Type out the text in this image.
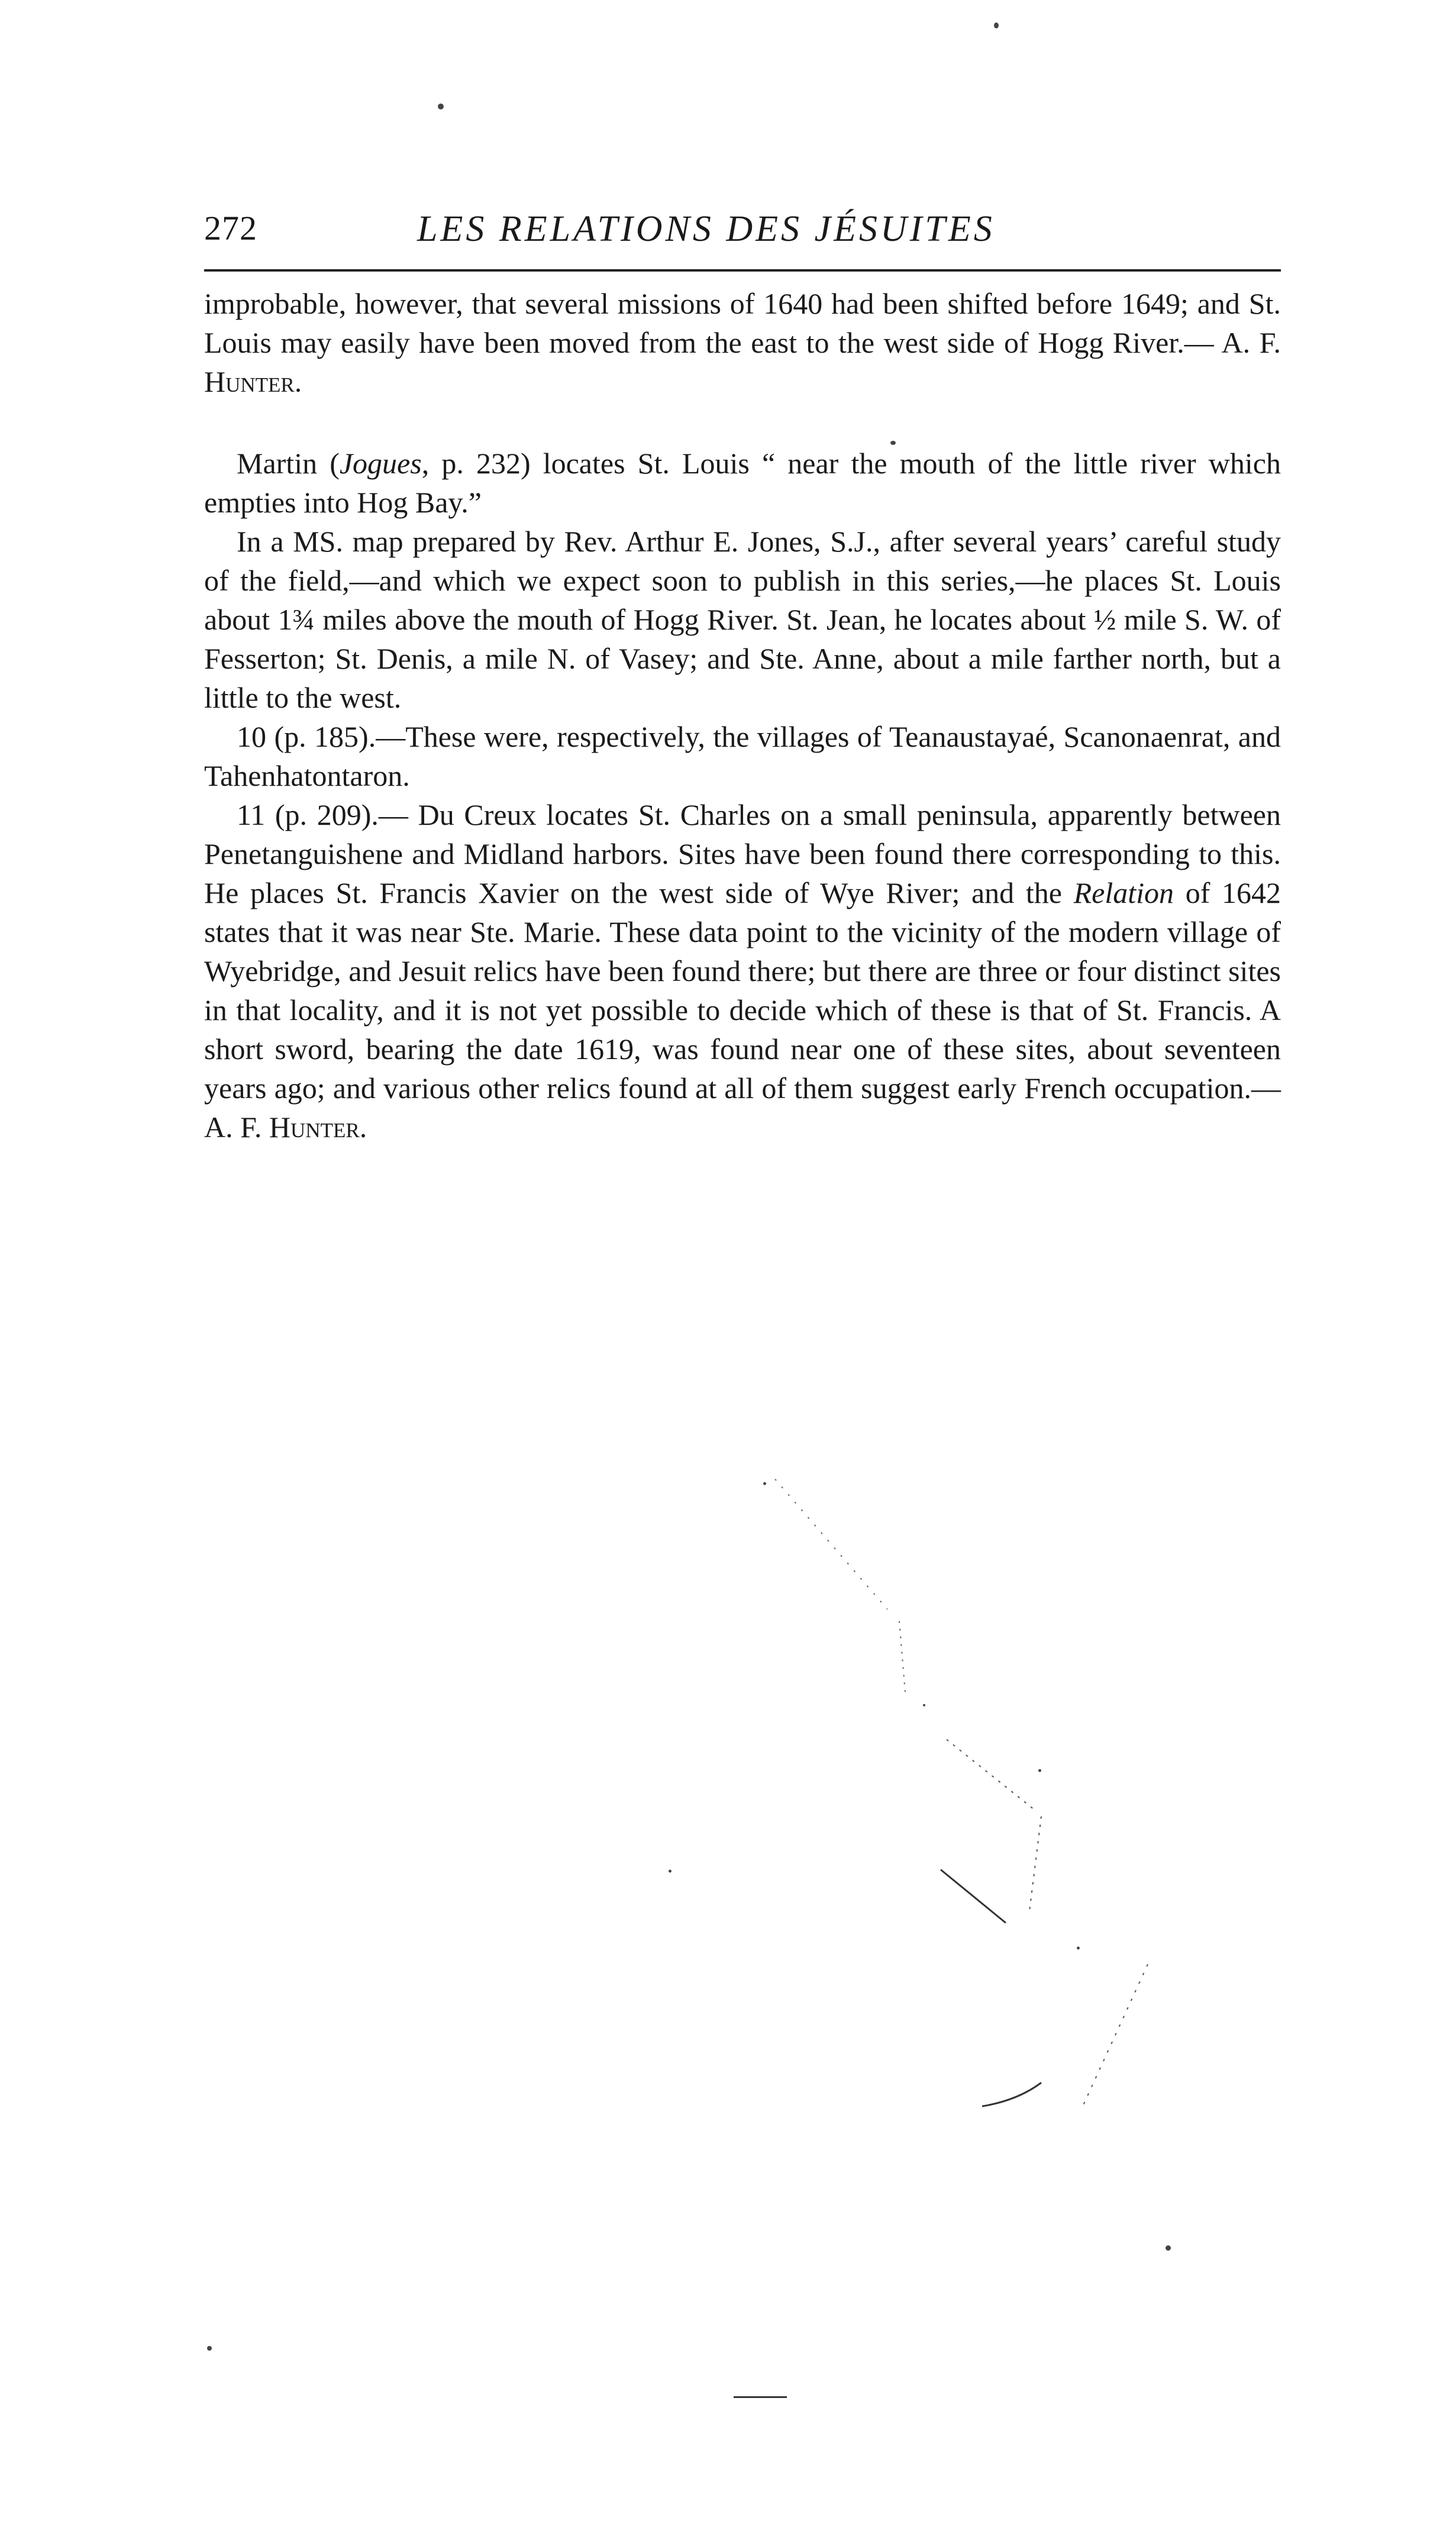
272	LES RELATIONS DES JÉSUITES

improbable, however, that several missions of 1640 had been shifted before 1649; and St. Louis may easily have been moved from the east to the west side of Hogg River.— A. F. Hunter.

Martin (Jogues, p. 232) locates St. Louis “ near the mouth of the little river which empties into Hog Bay.”

In a MS. map prepared by Rev. Arthur E. Jones, S.J., after several years’ careful study of the field,—and which we expect soon to publish in this series,—he places St. Louis about 1¾ miles above the mouth of Hogg River. St. Jean, he locates about ½ mile S. W. of Fesserton; St. Denis, a mile N. of Vasey; and Ste. Anne, about a mile farther north, but a little to the west.

10 (p. 185).—These were, respectively, the villages of Teanaustayaé, Scanonaenrat, and Tahenhatontaron.

11 (p. 209).— Du Creux locates St. Charles on a small peninsula, apparently between Penetanguishene and Midland harbors. Sites have been found there corresponding to this. He places St. Francis Xavier on the west side of Wye River; and the Relation of 1642 states that it was near Ste. Marie. These data point to the vicinity of the modern village of Wyebridge, and Jesuit relics have been found there; but there are three or four distinct sites in that locality, and it is not yet possible to decide which of these is that of St. Francis. A short sword, bearing the date 1619, was found near one of these sites, about seventeen years ago; and various other relics found at all of them suggest early French occupation.— A. F. Hunter.
